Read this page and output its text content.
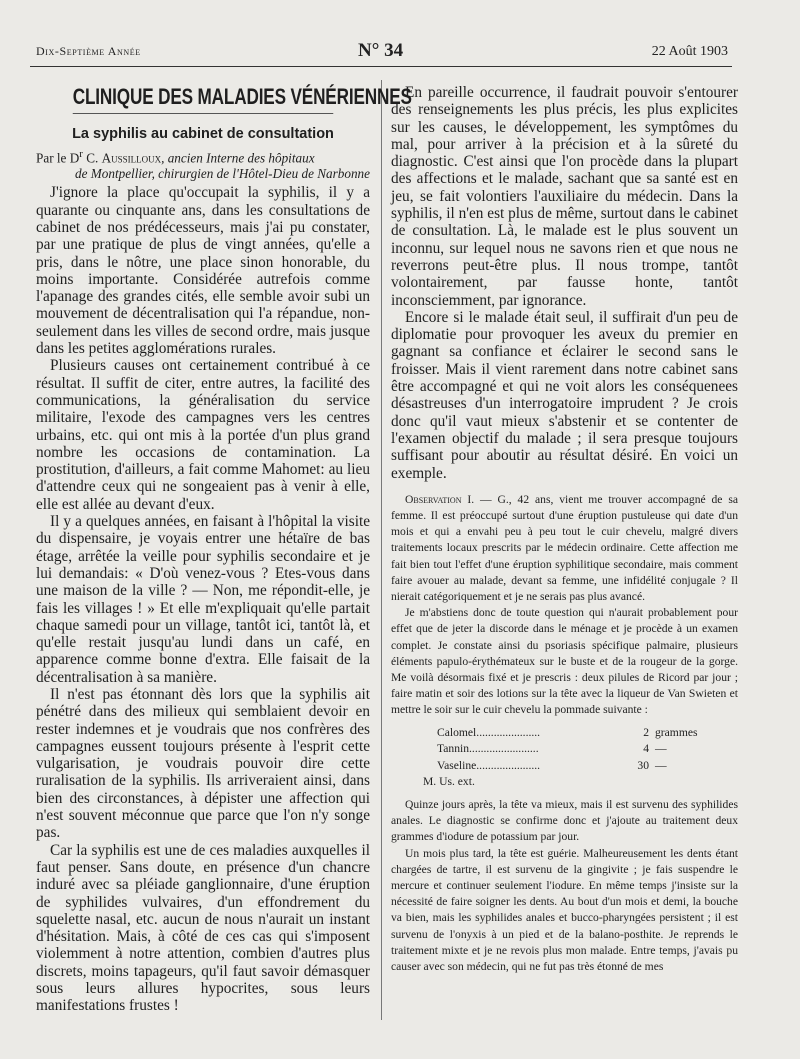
Dix-Septième Année	N° 34	22 Août 1903
CLINIQUE DES MALADIES VÉNÉRIENNES
La syphilis au cabinet de consultation

Par le $D^r$ C. Aussilloux, ancien Interne des hôpitaux

de Montpellier, chirurgien de l'Hôtel-Dieu de Narbonne

J'ignore la place qu'occupait la syphilis, il y a quarante ou cinquante ans, dans les consultations de cabinet de nos prédécesseurs, mais j'ai pu constater, par une pratique de plus de vingt années, qu'elle a pris, dans le nôtre, une place sinon honorable, du moins importante. Considérée autrefois comme l'apanage des grandes cités, elle semble avoir subi un mouvement de décentralisation qui l'a répandue, non-seulement dans les villes de second ordre, mais jusque dans les petites agglomérations rurales.

Plusieurs causes ont certainement contribué à ce résultat. Il suffit de citer, entre autres, la facilité des communications, la généralisation du service militaire, l'exode des campagnes vers les centres urbains, etc. qui ont mis à la portée d'un plus grand nombre les occasions de contamination. La prostitution, d'ailleurs, a fait comme Mahomet: au lieu d'attendre ceux qui ne songeaient pas à venir à elle, elle est allée au devant d'eux.

Il y a quelques années, en faisant à l'hôpital la visite du dispensaire, je voyais entrer une hétaïre de bas étage, arrêtée la veille pour syphilis secondaire et je lui demandais: « D'où venez-vous ? Etes-vous dans une maison de la ville ? — Non, me répondit-elle, je fais les villages ! » Et elle m'expliquait qu'elle partait chaque samedi pour un village, tantôt ici, tantôt là, et qu'elle restait jusqu'au lundi dans un café, en apparence comme bonne d'extra. Elle faisait de la décentralisation à sa manière.

Il n'est pas étonnant dès lors que la syphilis ait pénétré dans des milieux qui semblaient devoir en rester indemnes et je voudrais que nos confrères des campagnes eussent toujours présente à l'esprit cette vulgarisation, je voudrais pouvoir dire cette ruralisation de la syphilis. Ils arriveraient ainsi, dans bien des circonstances, à dépister une affection qui n'est souvent méconnue que parce que l'on n'y songe pas.

Car la syphilis est une de ces maladies auxquelles il faut penser. Sans doute, en présence d'un chancre induré avec sa pléiade ganglionnaire, d'une éruption de syphilides vulvaires, d'un effondrement du squelette nasal, etc. aucun de nous n'aurait un instant d'hésitation. Mais, à côté de ces cas qui s'imposent violemment à notre attention, combien d'autres plus discrets, moins tapageurs, qu'il faut savoir démasquer sous leurs allures hypocrites, sous leurs manifestations frustes !

En pareille occurrence, il faudrait pouvoir s'entourer des renseignements les plus précis, les plus explicites sur les causes, le développement, les symptômes du mal, pour arriver à la précision et à la sûreté du diagnostic. C'est ainsi que l'on procède dans la plupart des affections et le malade, sachant que sa santé est en jeu, se fait volontiers l'auxiliaire du médecin. Dans la syphilis, il n'en est plus de même, surtout dans le cabinet de consultation. Là, le malade est le plus souvent un inconnu, sur lequel nous ne savons rien et que nous ne reverrons peut-être plus. Il nous trompe, tantôt volontairement, par fausse honte, tantôt inconsciemment, par ignorance.

Encore si le malade était seul, il suffirait d'un peu de diplomatie pour provoquer les aveux du premier en gagnant sa confiance et éclairer le second sans le froisser. Mais il vient rarement dans notre cabinet sans être accompagné et qui ne voit alors les conséquenees désastreuses d'un interrogatoire imprudent ? Je crois donc qu'il vaut mieux s'abstenir et se contenter de l'examen objectif du malade ; il sera presque toujours suffisant pour aboutir au résultat désiré. En voici un exemple.

Observation I. — G., 42 ans, vient me trouver accompagné de sa femme. Il est préoccupé surtout d'une éruption pustuleuse qui date d'un mois et qui a envahi peu à peu tout le cuir chevelu, malgré divers traitements locaux prescrits par le médecin ordinaire. Cette affection me fait bien tout l'effet d'une éruption syphilitique secondaire, mais comment faire avouer au malade, devant sa femme, une infidélité conjugale ? Il nierait catégoriquement et je ne serais pas plus avancé.

Je m'abstiens donc de toute question qui n'aurait probablement pour effet que de jeter la discorde dans le ménage et je procède à un examen complet. Je constate ainsi du psoriasis spécifique palmaire, plusieurs éléments papulo-érythémateux sur le buste et de la rougeur de la gorge. Me voilà désormais fixé et je prescris : deux pilules de Ricord par jour ; faire matin et soir des lotions sur la tête avec la liqueur de Van Swieten et mettre le soir sur le cuir chevelu la pommade suivante :

Calomel......................	2 grammes
Tannin........................	4 —
Vaseline......................	30 —
M. Us. ext.

Quinze jours après, la tête va mieux, mais il est survenu des syphilides anales. Le diagnostic se confirme donc et j'ajoute au traitement deux grammes d'iodure de potassium par jour.

Un mois plus tard, la tête est guérie. Malheureusement les dents étant chargées de tartre, il est survenu de la gingivite ; je fais suspendre le mercure et continuer seulement l'iodure. En même temps j'insiste sur la nécessité de faire soigner les dents. Au bout d'un mois et demi, la bouche va bien, mais les syphilides anales et bucco-pharyngées persistent ; il est survenu de l'onyxis à un pied et de la balano-posthite. Je reprends le traitement mixte et je ne revois plus mon malade. Entre temps, j'avais pu causer avec son médecin, qui ne fut pas très étonné de mes
